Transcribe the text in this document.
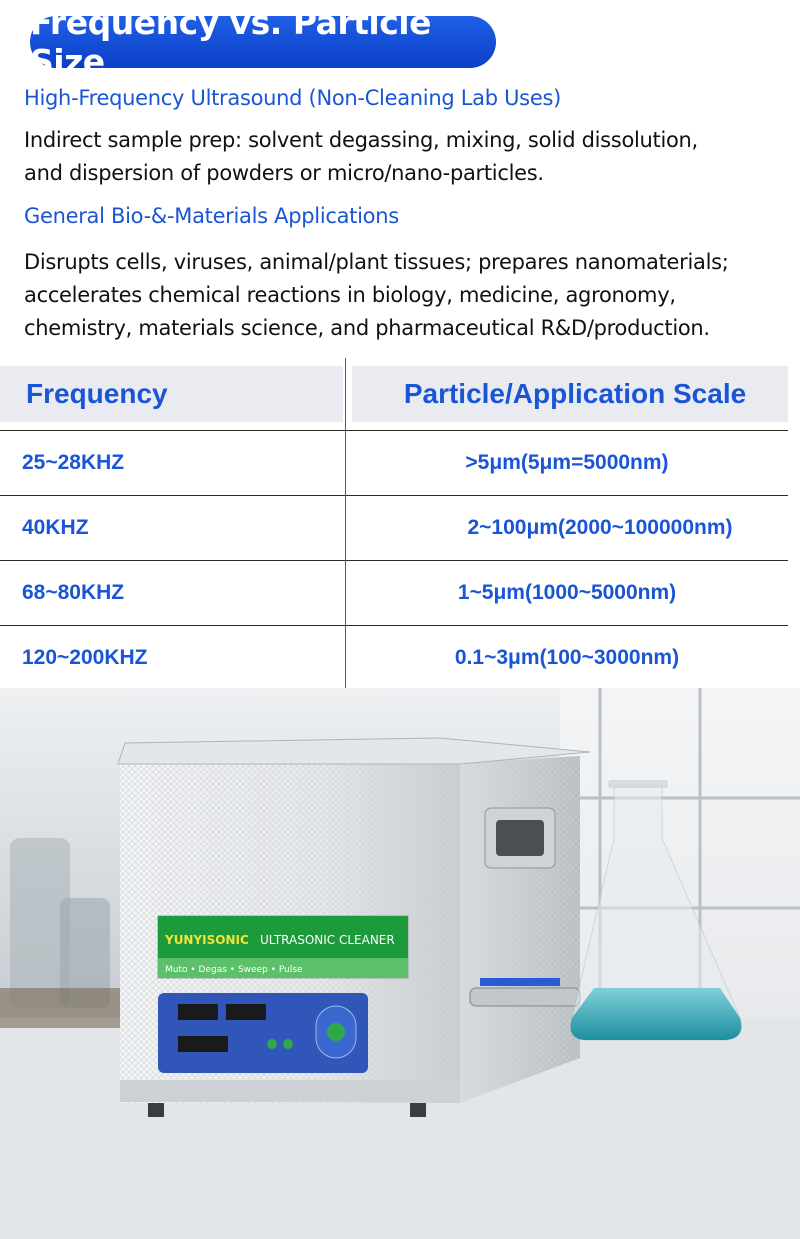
Frequency vs. Particle Size
High-Frequency Ultrasound (Non-Cleaning Lab Uses)
Indirect sample prep: solvent degassing, mixing, solid dissolution,
and dispersion of powders or micro/nano-particles.
General Bio-&-Materials Applications
Disrupts cells, viruses, animal/plant tissues; prepares nanomaterials;
accelerates chemical reactions in biology, medicine, agronomy,
chemistry, materials science, and pharmaceutical R&D/production.
Frequency	Particle/Application Scale

25~28KHZ	>5μm(5μm=5000nm)

40KHZ	2~100μm(2000~100000nm)

68~80KHZ	1~5μm(1000~5000nm)

120~200KHZ	0.1~3μm(100~3000nm)
YUNYISONIC ULTRASONIC CLEANER
Muto • Degas • Sweep • Pulse
